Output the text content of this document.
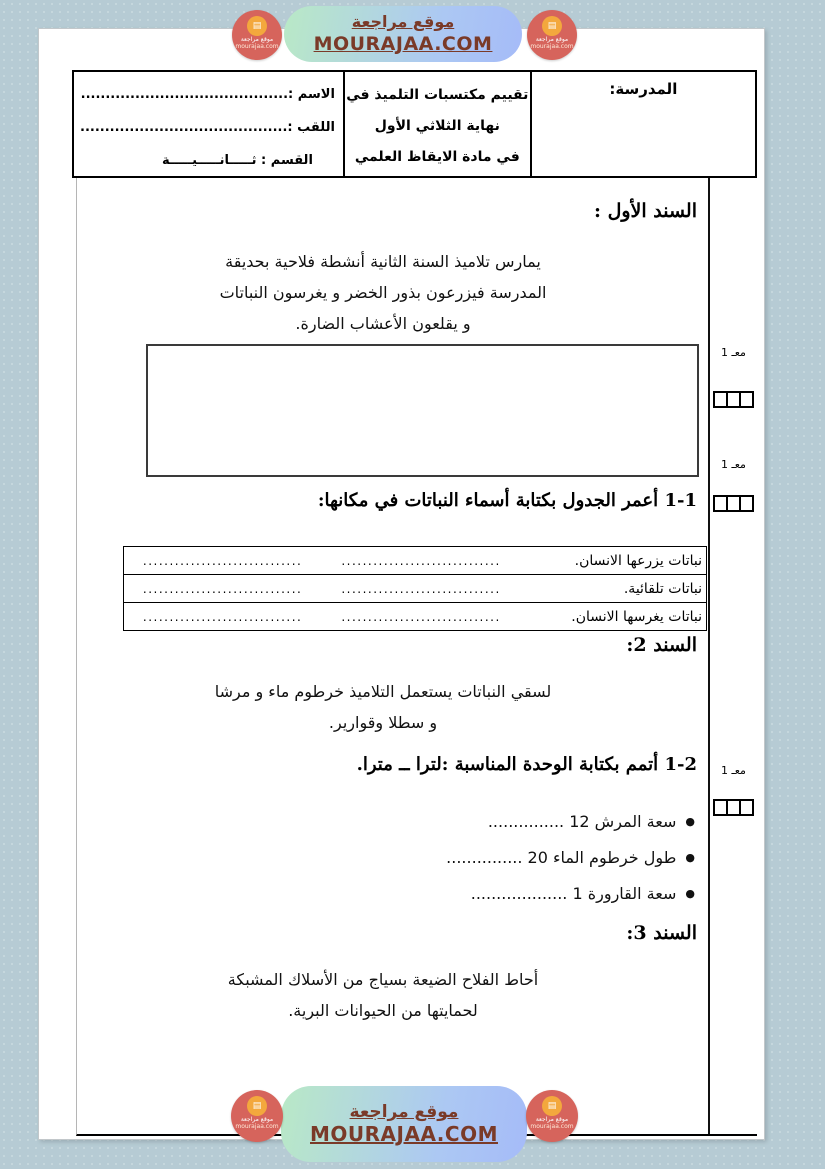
موقع مراجعة
MOURAJAA.COM
▤
موقع مراجعة
mourajaa.com
▤
موقع مراجعة
mourajaa.com
المدرسة:
تقييم مكتسبات التلميذ في
نهاية الثلاثي الأول
في مادة الايقاظ العلمي
الاسم :..........................................
اللقب :..........................................
القسم : ثـــــانـــــيـــــة
السند الأول :
يمارس تلاميذ السنة الثانية أنشطة فلاحية بحديقة
المدرسة فيزرعون بذور الخضر و يغرسون النباتات
و يقلعون الأعشاب الضارة.
1-1 أعمر الجدول بكتابة أسماء النباتات في مكانها:
نباتات يزرعها الانسان.	..............................	..............................
نباتات تلقائية.	..............................	..............................
نباتات يغرسها الانسان.	..............................	..............................
السند 2:
لسقي النباتات يستعمل التلاميذ خرطوم ماء و مرشا
و سطلا وقوارير.
1-2 أتمم بكتابة الوحدة المناسبة :لترا ــ مترا.
●سعة المرش 12 ...............
●طول خرطوم الماء 20 ...............
●سعة القارورة 1 ...................
السند 3:
أحاط الفلاح الضيعة بسياج من الأسلاك المشبكة
لحمايتها من الحيوانات البرية.
معـ 1
معـ 1
معـ 1
موقع مراجعة
MOURAJAA.COM
▤
موقع مراجعة
mourajaa.com
▤
موقع مراجعة
mourajaa.com
